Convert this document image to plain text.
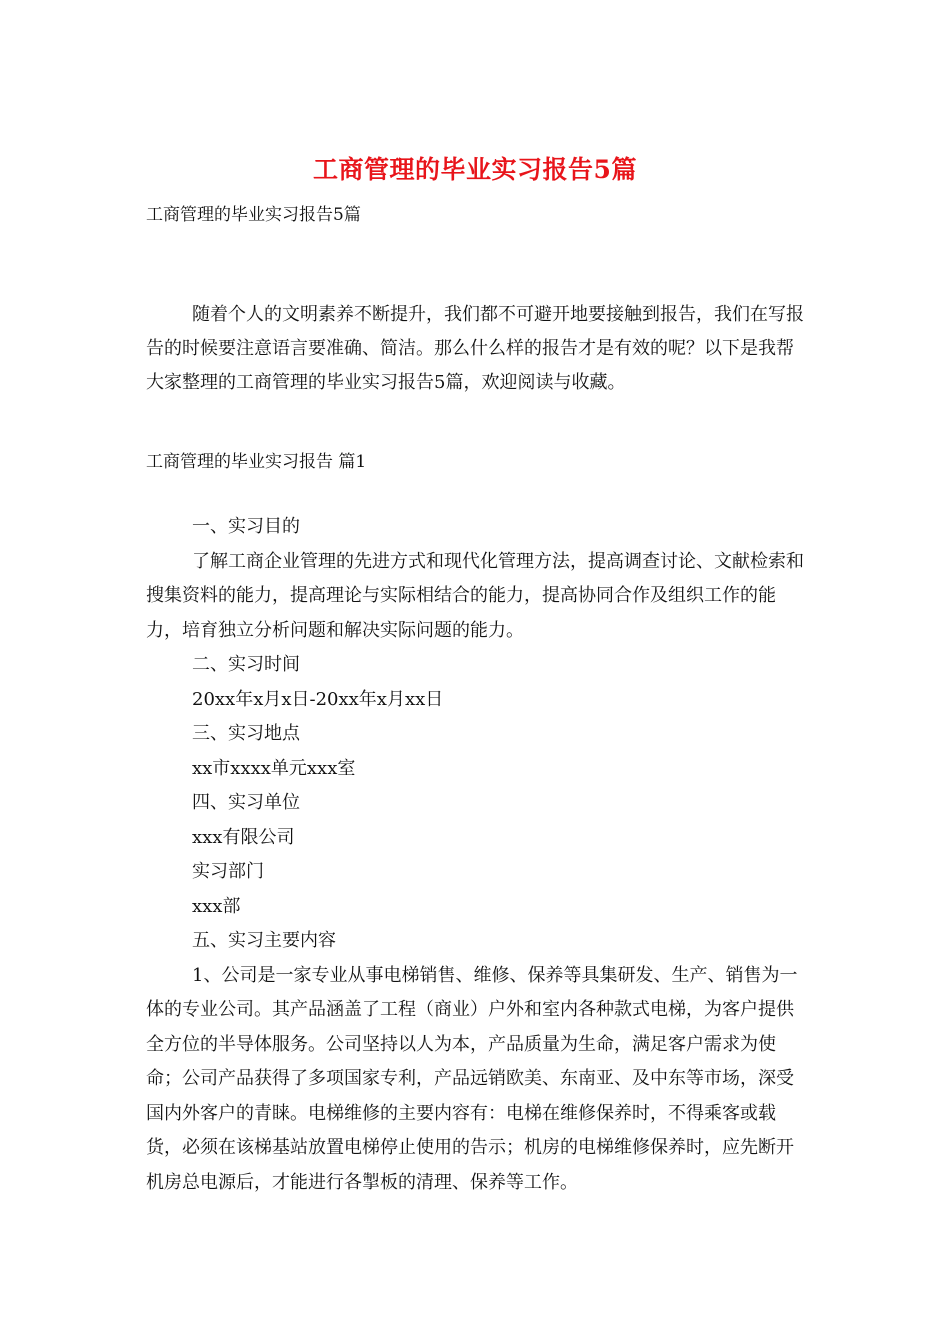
工商管理的毕业实习报告5篇
工商管理的毕业实习报告5篇

随着个人的文明素养不断提升，我们都不可避开地要接触到报告，我们在写报告的时候要注意语言要准确、简洁。那么什么样的报告才是有效的呢？以下是我帮大家整理的工商管理的毕业实习报告5篇，欢迎阅读与收藏。

工商管理的毕业实习报告 篇1

一、实习目的

了解工商企业管理的先进方式和现代化管理方法，提高调查讨论、文献检索和搜集资料的能力，提高理论与实际相结合的能力，提高协同合作及组织工作的能力，培育独立分析问题和解决实际问题的能力。

二、实习时间

20xx年x月x日-20xx年x月xx日

三、实习地点

xx市xxxx单元xxx室

四、实习单位

xxx有限公司

实习部门

xxx部

五、实习主要内容

1、公司是一家专业从事电梯销售、维修、保养等具集研发、生产、销售为一体的专业公司。其产品涵盖了工程（商业）户外和室内各种款式电梯，为客户提供全方位的半导体服务。公司坚持以人为本，产品质量为生命，满足客户需求为使命；公司产品获得了多项国家专利，产品远销欧美、东南亚、及中东等市场，深受国内外客户的青睐。电梯维修的主要内容有：电梯在维修保养时，不得乘客或载货，必须在该梯基站放置电梯停止使用的告示；机房的电梯维修保养时，应先断开机房总电源后，才能进行各掣板的清理、保养等工作。
